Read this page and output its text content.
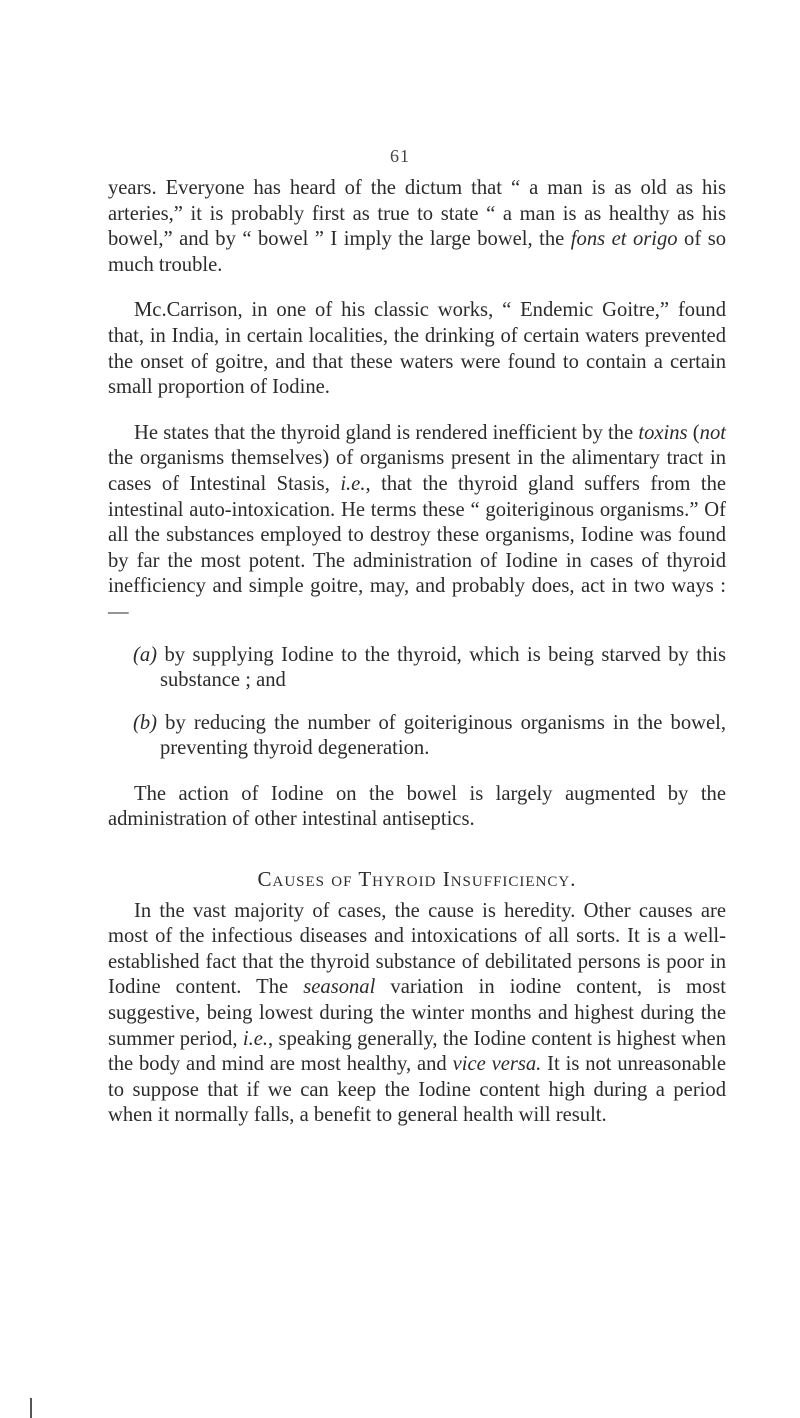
61

years. Everyone has heard of the dictum that “ a man is as old as his arteries,” it is probably first as true to state “ a man is as healthy as his bowel,” and by “ bowel ” I imply the large bowel, the fons et origo of so much trouble.

Mc.Carrison, in one of his classic works, “ Endemic Goitre,” found that, in India, in certain localities, the drinking of certain waters prevented the onset of goitre, and that these waters were found to contain a certain small proportion of Iodine.

He states that the thyroid gland is rendered inefficient by the toxins (not the organisms themselves) of organisms present in the alimentary tract in cases of Intestinal Stasis, i.e., that the thyroid gland suffers from the intestinal auto-intoxication. He terms these “ goiteriginous organisms.” Of all the substances employed to destroy these organisms, Iodine was found by far the most potent. The administration of Iodine in cases of thyroid inefficiency and simple goitre, may, and probably does, act in two ways :—

(a) by supplying Iodine to the thyroid, which is being starved by this substance ; and

(b) by reducing the number of goiteriginous organisms in the bowel, preventing thyroid degeneration.

The action of Iodine on the bowel is largely augmented by the administration of other intestinal antiseptics.

Causes of Thyroid Insufficiency.

In the vast majority of cases, the cause is heredity. Other causes are most of the infectious diseases and intoxications of all sorts. It is a well-established fact that the thyroid substance of debilitated persons is poor in Iodine content. The seasonal variation in iodine content, is most suggestive, being lowest during the winter months and highest during the summer period, i.e., speaking generally, the Iodine content is highest when the body and mind are most healthy, and vice versa. It is not unreasonable to suppose that if we can keep the Iodine content high during a period when it normally falls, a benefit to general health will result.
